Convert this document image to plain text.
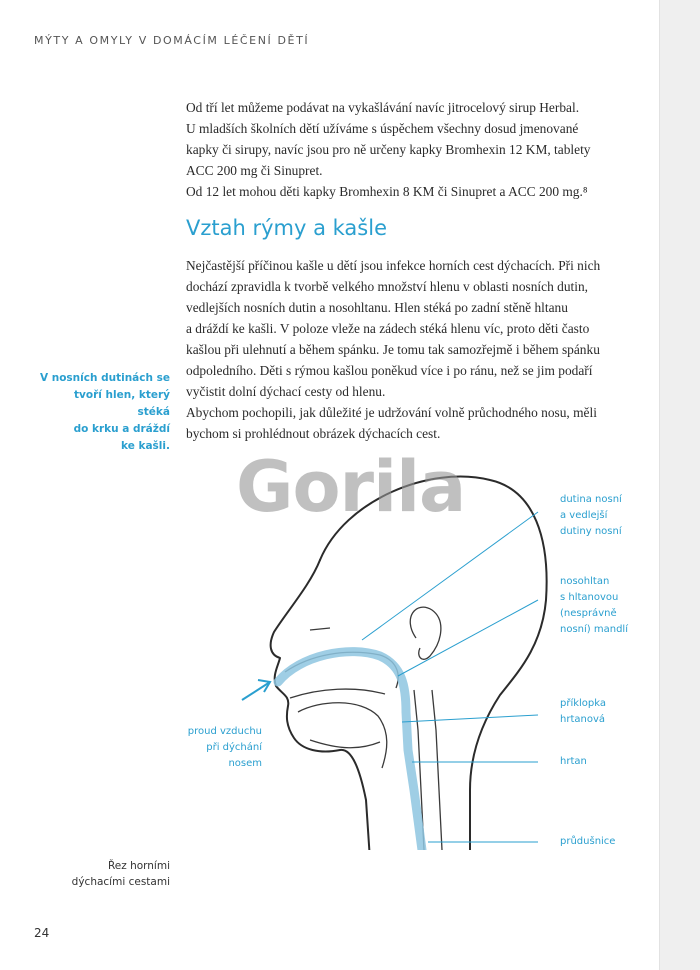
MÝTY A OMYLY V DOMÁCÍM LÉČENÍ DĚTÍ
Od tří let můžeme podávat na vykašlávání navíc jitrocelový sirup Herbal.
U mladších školních dětí užíváme s úspěchem všechny dosud jmenované
kapky či sirupy, navíc jsou pro ně určeny kapky Bromhexin 12 KM, tablety
ACC 200 mg či Sinupret.
Od 12 let mohou děti kapky Bromhexin 8 KM či Sinupret a ACC 200 mg.⁸
Vztah rýmy a kašle
Nejčastější příčinou kašle u dětí jsou infekce horních cest dýchacích. Při nich
dochází zpravidla k tvorbě velkého množství hlenu v oblasti nosních dutin,
vedlejších nosních dutin a nosohltanu. Hlen stéká po zadní stěně hltanu
a dráždí ke kašli. V poloze vleže na zádech stéká hlenu víc, proto děti často
kašlou při ulehnutí a během spánku. Je tomu tak samozřejmě i během spánku
odpoledního. Děti s rýmou kašlou poněkud více i po ránu, než se jim podaří
vyčistit dolní dýchací cesty od hlenu.
Abychom pochopili, jak důležité je udržování volně průchodného nosu, měli
bychom si prohlédnout obrázek dýchacích cest.
V nosních dutinách se
tvoří hlen, který stéká
do krku a dráždí
ke kašli. Gorila	dutina nosní
a vedlejší
dutiny nosní
nosohltan
s hltanovou
(nesprávně
nosní) mandlí
příklopka
hrtanová
hrtan
průdušnice
proud vzduchu
při dýchání
nosem
Řez horními
dýchacími cestami
24
